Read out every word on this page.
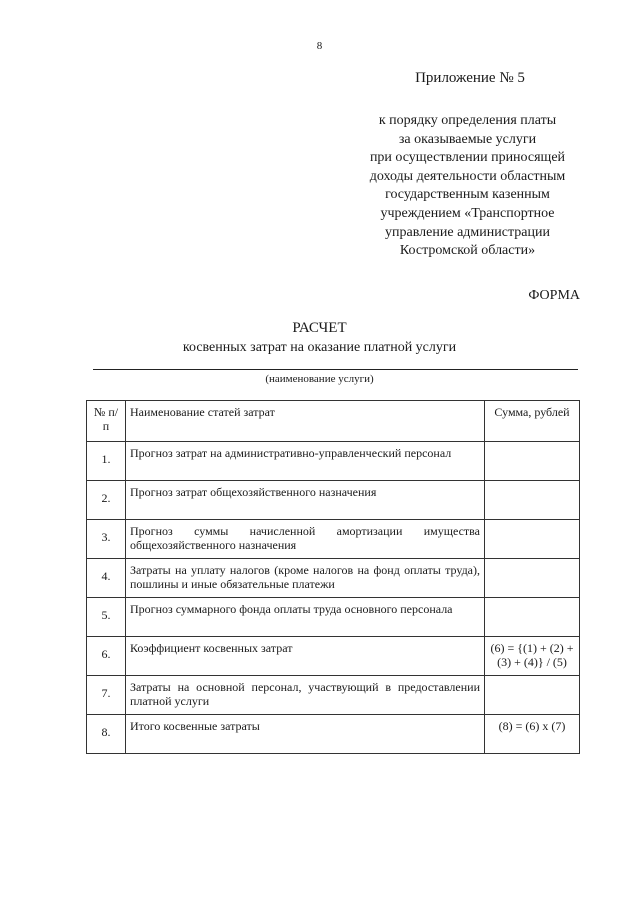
8
Приложение № 5
к порядку определения платы
за оказываемые услуги
при осуществлении приносящей
доходы деятельности областным
государственным казенным
учреждением «Транспортное
управление администрации
Костромской области»
ФОРМА
РАСЧЕТ
косвенных затрат на оказание платной услуги
(наименование услуги)
№ п/п	Наименование статей затрат	Сумма, рублей
1.	Прогноз затрат на административно-управленческий персонал	
2.	Прогноз затрат общехозяйственного назначения	
3.	Прогноз суммы начисленной амортизации имущества общехозяйственного назначения	
4.	Затраты на уплату налогов (кроме налогов на фонд оплаты труда), пошлины и иные обязательные платежи	
5.	Прогноз суммарного фонда оплаты труда основного персонала	
6.	Коэффициент косвенных затрат	(6) = {(1) + (2) + (3) + (4)} / (5)
7.	Затраты на основной персонал, участвующий в предоставлении платной услуги	
8.	Итого косвенные затраты	(8) = (6) х (7)
